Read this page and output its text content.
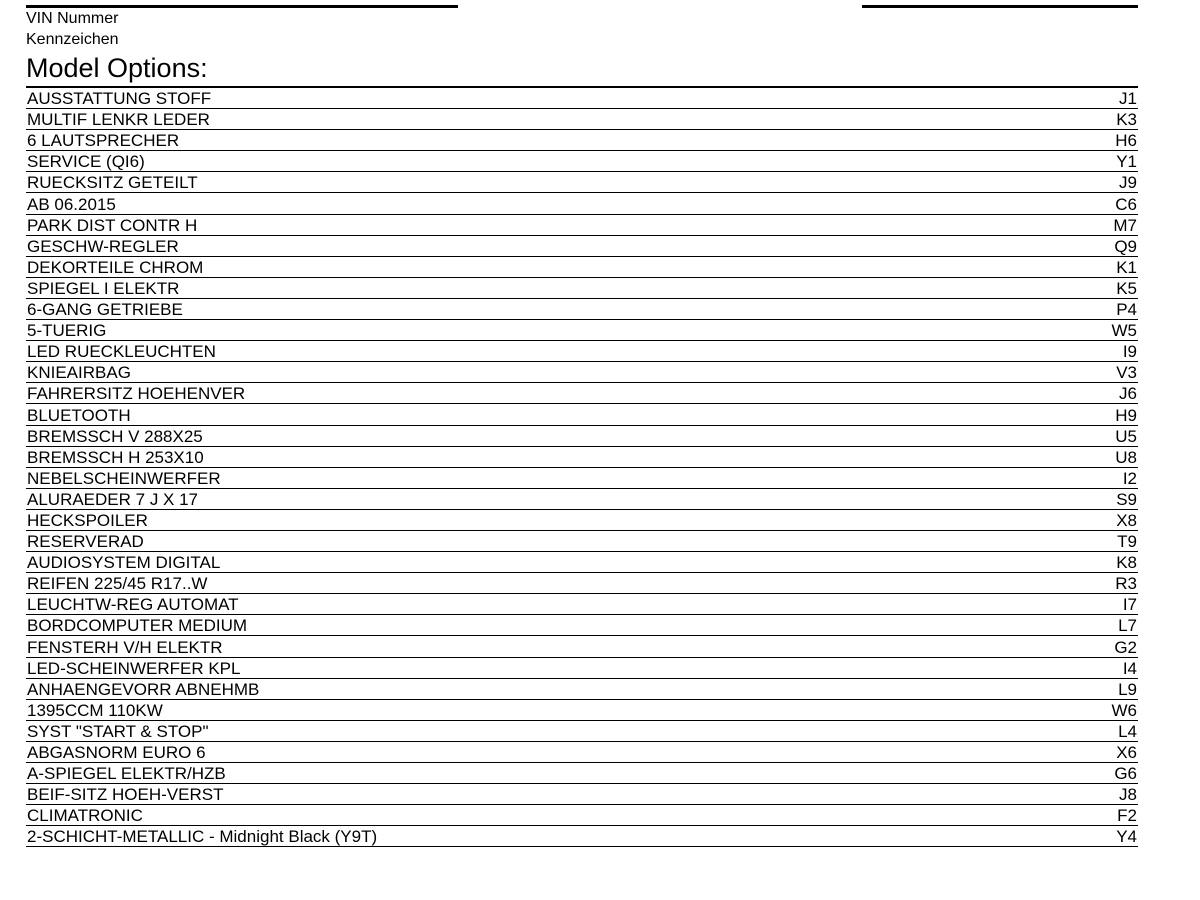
VIN Nummer
Kennzeichen
Model Options:
AUSSTATTUNG STOFF	J1
MULTIF LENKR LEDER	K3
6 LAUTSPRECHER	H6
SERVICE (QI6)	Y1
RUECKSITZ GETEILT	J9
AB 06.2015	C6
PARK DIST CONTR H	M7
GESCHW-REGLER	Q9
DEKORTEILE CHROM	K1
SPIEGEL I ELEKTR	K5
6-GANG GETRIEBE	P4
5-TUERIG	W5
LED RUECKLEUCHTEN	I9
KNIEAIRBAG	V3
FAHRERSITZ HOEHENVER	J6
BLUETOOTH	H9
BREMSSCH V 288X25	U5
BREMSSCH H 253X10	U8
NEBELSCHEINWERFER	I2
ALURAEDER 7 J X 17	S9
HECKSPOILER	X8
RESERVERAD	T9
AUDIOSYSTEM DIGITAL	K8
REIFEN 225/45 R17..W	R3
LEUCHTW-REG AUTOMAT	I7
BORDCOMPUTER MEDIUM	L7
FENSTERH V/H ELEKTR	G2
LED-SCHEINWERFER KPL	I4
ANHAENGEVORR ABNEHMB	L9
1395CCM 110KW	W6
SYST "START & STOP"	L4
ABGASNORM EURO 6	X6
A-SPIEGEL ELEKTR/HZB	G6
BEIF-SITZ HOEH-VERST	J8
CLIMATRONIC	F2
2-SCHICHT-METALLIC - Midnight Black (Y9T)	Y4
